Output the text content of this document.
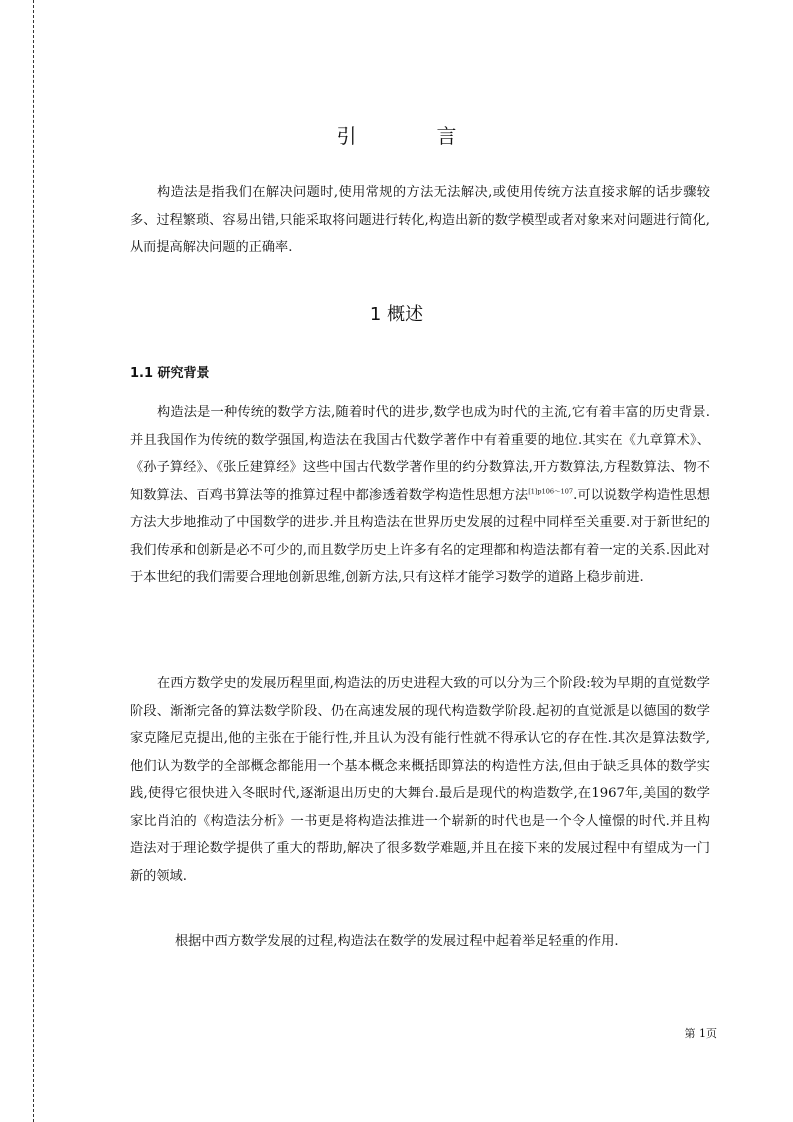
引　言

构造法是指我们在解决问题时,使用常规的方法无法解决,或使用传统方法直接求解的话步骤较多、过程繁琐、容易出错,只能采取将问题进行转化,构造出新的数学模型或者对象来对问题进行简化,从而提高解决问题的正确率.

1 概述
1.1 研究背景

构造法是一种传统的数学方法,随着时代的进步,数学也成为时代的主流,它有着丰富的历史背景.并且我国作为传统的数学强国,构造法在我国古代数学著作中有着重要的地位.其实在《九章算术》、《孙子算经》、《张丘建算经》这些中国古代数学著作里的约分数算法,开方数算法,方程数算法、物不知数算法、百鸡书算法等的推算过程中都渗透着数学构造性思想方法$^{[1]p106\sim 107}$.可以说数学构造性思想方法大步地推动了中国数学的进步.并且构造法在世界历史发展的过程中同样至关重要.对于新世纪的我们传承和创新是必不可少的,而且数学历史上许多有名的定理都和构造法都有着一定的关系.因此对于本世纪的我们需要合理地创新思维,创新方法,只有这样才能学习数学的道路上稳步前进.

在西方数学史的发展历程里面,构造法的历史进程大致的可以分为三个阶段:较为早期的直觉数学阶段、渐渐完备的算法数学阶段、仍在高速发展的现代构造数学阶段.起初的直觉派是以德国的数学家克隆尼克提出,他的主张在于能行性,并且认为没有能行性就不得承认它的存在性.其次是算法数学,他们认为数学的全部概念都能用一个基本概念来概括即算法的构造性方法,但由于缺乏具体的数学实践,使得它很快进入冬眠时代,逐渐退出历史的大舞台.最后是现代的构造数学,在1967年,美国的数学家比肖泊的《构造法分析》一书更是将构造法推进一个崭新的时代也是一个令人憧憬的时代.并且构造法对于理论数学提供了重大的帮助,解决了很多数学难题,并且在接下来的发展过程中有望成为一门新的领域.

根据中西方数学发展的过程,构造法在数学的发展过程中起着举足轻重的作用.

第 1页
